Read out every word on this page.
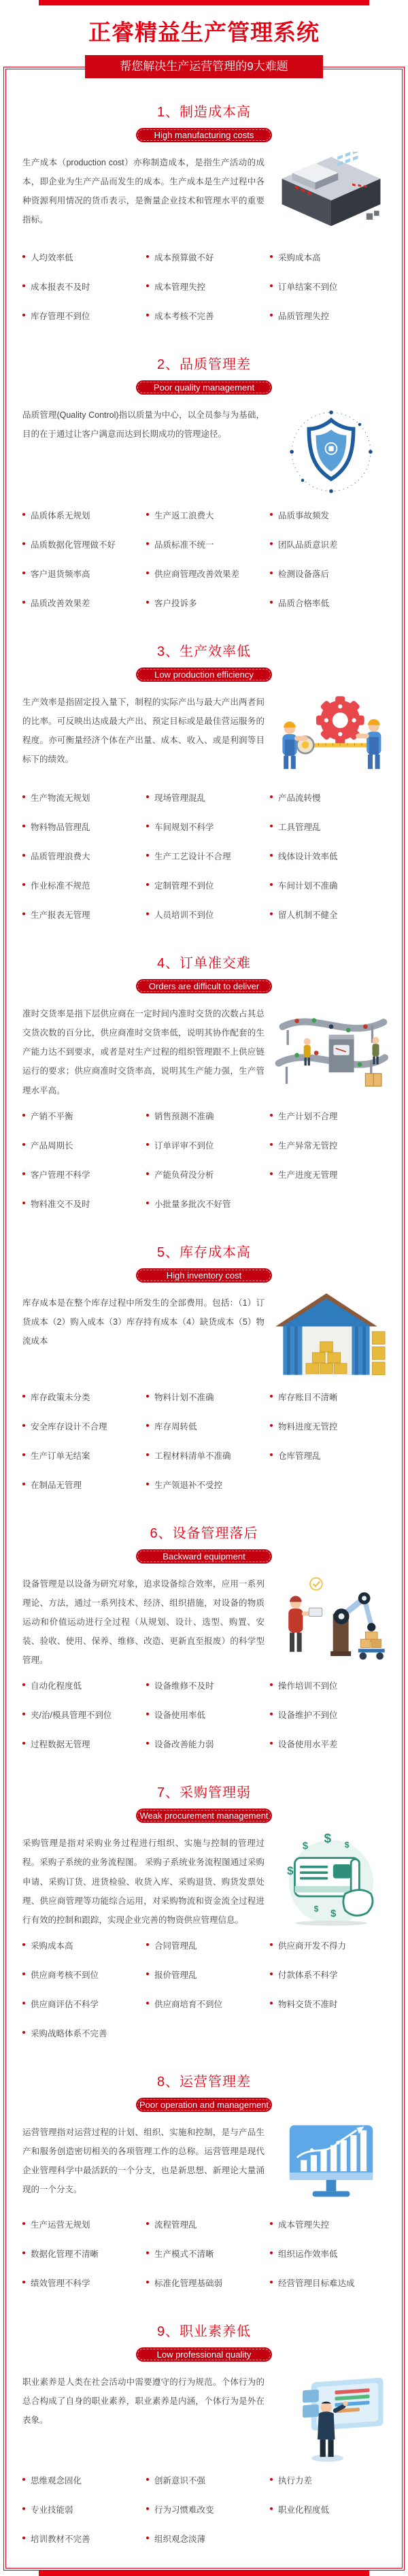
正睿精益生产管理系统
帮您解决生产运营管理的9大难题
1、制造成本高
High manufacturing costs

生产成本（production cost）亦称制造成本，是指生产活动的成本，即企业为生产产品而发生的成本。生产成本是生产过程中各种资源利用情况的货币表示，是衡量企业技术和管理水平的重要指标。

人均效率低	成本预算做不好	采购成本高
成本报表不及时	成本管理失控	订单结案不到位
库存管理不到位	成本考核不完善	品质管理失控
2、品质管理差
Poor quality management

品质管理(Quality Control)指以质量为中心，以全员参与为基础，目的在于通过让客户满意而达到长期成功的管理途径。

品质体系无规划	生产返工浪费大	品质事故频发
品质数据化管理做不好	品质标准不统一	团队品质意识差
客户退货频率高	供应商管理改善效果差	检测设备落后
品质改善效果差	客户投诉多	品质合格率低
3、生产效率低
Low production efficiency

生产效率是指固定投入量下，制程的实际产出与最大产出两者间的比率。可反映出达成最大产出、预定目标或是最佳营运服务的程度。亦可衡量经济个体在产出量、成本、收入、或是利润等目标下的绩效。

生产物流无规划	现场管理混乱	产品流转慢
物料物品管理乱	车间规划不科学	工具管理乱
品质管理浪费大	生产工艺设计不合理	线体设计效率低
作业标准不规范	定制管理不到位	车间计划不准确
生产报表无管理	人员培训不到位	留人机制不健全
4、订单准交难
Orders are difficult to deliver

准时交货率是指下层供应商在一定时间内准时交货的次数占其总交货次数的百分比，供应商准时交货率低，说明其协作配套的生产能力达不到要求，或者是对生产过程的组织管理跟不上供应链运行的要求；供应商准时交货率高，说明其生产能力强，生产管理水平高。

产销不平衡	销售预测不准确	生产计划不合理
产品周期长	订单评审不到位	生产异常无管控
客户管理不科学	产能负荷没分析	生产进度无管理
物料准交不及时	小批量多批次不好管
5、库存成本高
High inventory cost

库存成本是在整个库存过程中所发生的全部费用。包括：（1）订货成本（2）购入成本（3）库存持有成本（4）缺货成本（5）物流成本

库存政策未分类	物料计划不准确	库存账目不清晰
安全库存设计不合理	库存周转低	物料进度无管控
生产订单无结案	工程材料清单不准确	仓库管理乱
在制品无管理	生产领退补不受控
6、设备管理落后
Backward equipment management

设备管理是以设备为研究对象，追求设备综合效率，应用一系列理论、方法，通过一系列技术、经济、组织措施，对设备的物质运动和价值运动进行全过程（从规划、设计、选型、购置、安装、验收、使用、保养、维修、改造、更新直至报废）的科学型管理。

自动化程度低	设备维修不及时	操作培训不到位
夹/治/模具管理不到位	设备使用率低	设备维护不到位
过程数据无管理	设备改善能力弱	设备使用水平差
7、采购管理弱
Weak procurement management

采购管理是指对采购业务过程进行组织、实施与控制的管理过程。采购子系统的业务流程图。 采购子系统业务流程图通过采购申请、采购订货、进货检验、收货入库、采购退货、购货发票处理、供应商管理等功能综合运用，对采购物流和资金流全过程进行有效的控制和跟踪，实现企业完善的物资供应管理信息。

$
$ $
$
$ $
采购成本高	合同管理乱	供应商开发不得力
供应商考核不到位	报价管理乱	付款体系不科学
供应商评估不科学	供应商培育不到位	物料交货不准时
采购战略体系不完善
8、运营管理差
Poor operation and management

运营管理指对运营过程的计划、组织、实施和控制，是与产品生产和服务创造密切相关的各项管理工作的总称。运营管理是现代企业管理科学中最活跃的一个分支，也是新思想、新理论大量涌现的一个分支。

生产运营无规划	流程管理乱	成本管理失控
数据化管理不清晰	生产模式不清晰	组织运作效率低
绩效管理不科学	标准化管理基础弱	经营管理目标难达成
9、职业素养低
Low professional quality

职业素养是人类在社会活动中需要遵守的行为规范。个体行为的总合构成了自身的职业素养，职业素养是内涵，个体行为是外在表象。

思维观念固化	创新意识不强	执行力差
专业技能弱	行为习惯难改变	职业化程度低
培训教材不完善	组织观念淡薄
